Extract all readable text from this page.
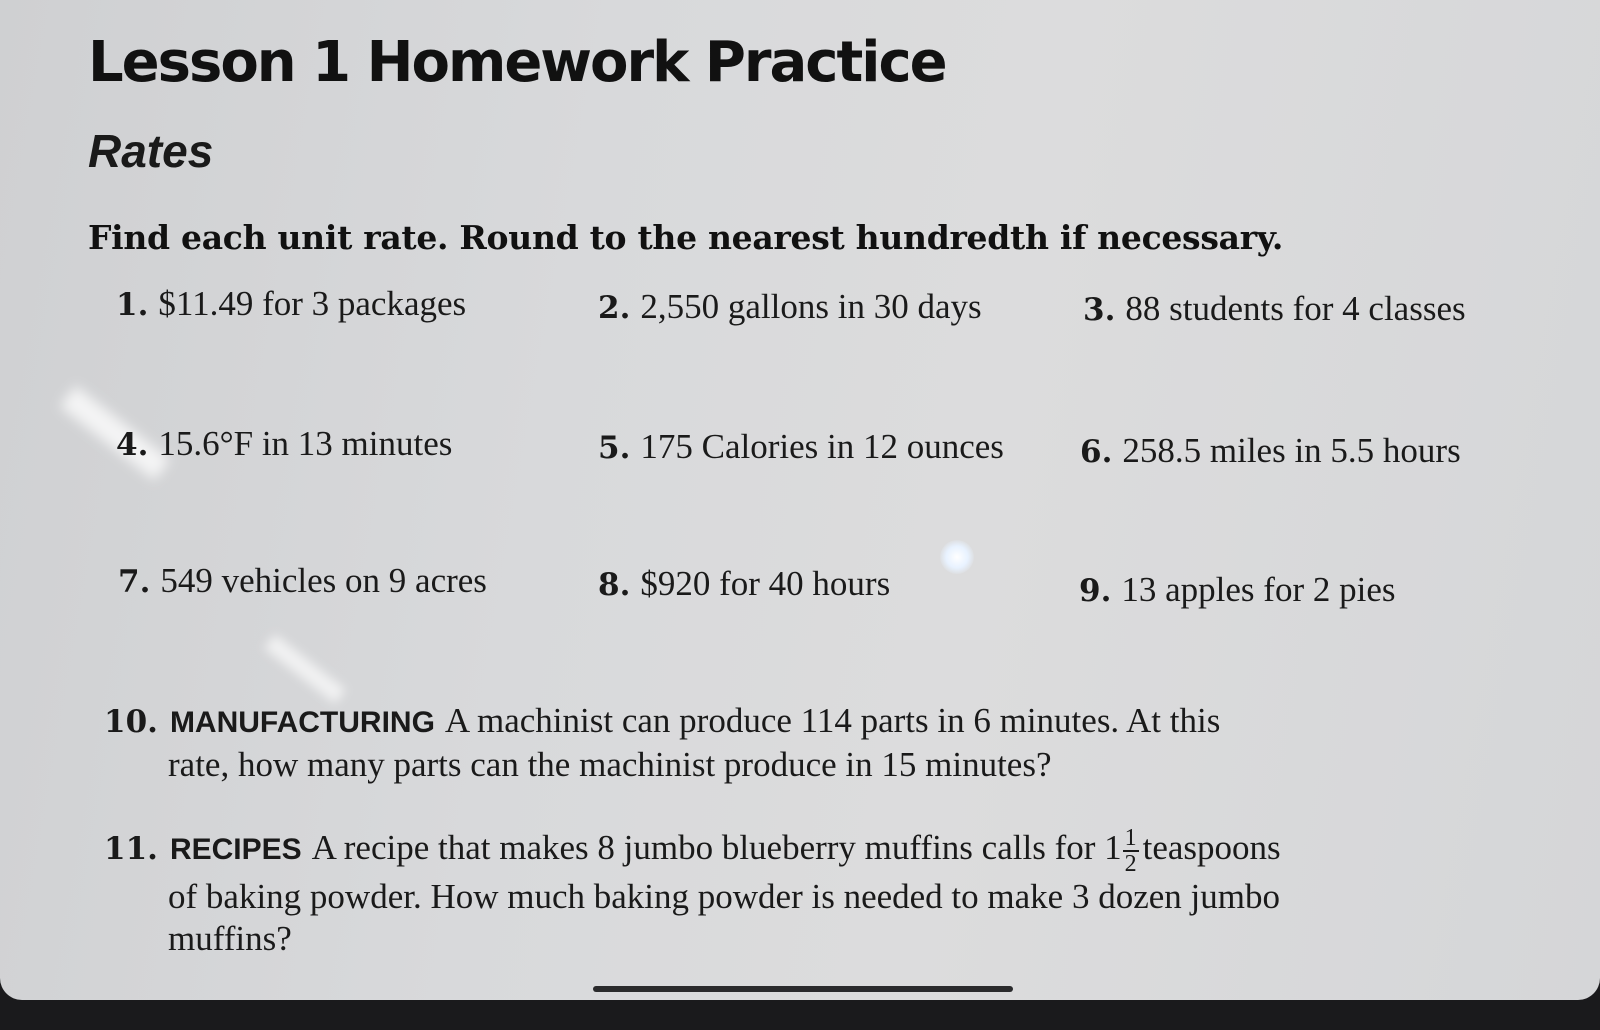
Lesson 1 Homework Practice
Rates

Find each unit rate. Round to the nearest hundredth if necessary.

1. $11.49 for 3 packages	2. 2,550 gallons in 30 days	3. 88 students for 4 classes
4. 15.6°F in 13 minutes	5. 175 Calories in 12 ounces 6. 258.5 miles in 5.5 hours
7. 549 vehicles on 9 acres	8. $920 for 40 hours	9. 13 apples for 2 pies
10. MANUFACTURING A machinist can produce 114 parts in 6 minutes. At this
rate, how many parts can the machinist produce in 15 minutes?
11. RECIPES A recipe that makes 8 jumbo blueberry muffins calls for $1 \frac{1}{2}$ teaspoons
of baking powder. How much baking powder is needed to make 3 dozen jumbo
muffins?
